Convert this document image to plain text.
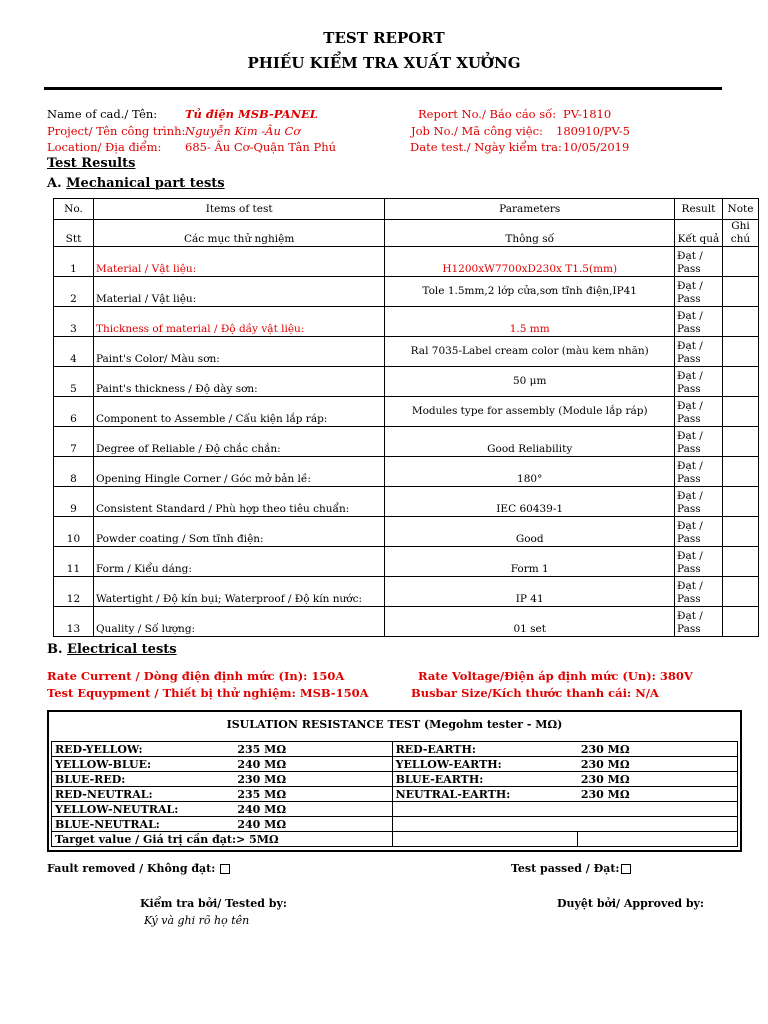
TEST REPORT
PHIẾU KIỂM TRA XUẤT XƯỞNG
Name of cad./ Tên: Tủ điện MSB-PANEL
Project/ Tên công trình: Nguyễn Kim -Âu Cơ
Location/ Địa điểm: 685- Âu Cơ-Quận Tân Phú
Report No./ Báo cáo số: PV-1810
Job No./ Mã công việc: 180910/PV-5
Date test./ Ngày kiểm tra: 10/05/2019
Test Results
A. Mechanical part tests
No.	Items of test	Parameters	Result	Note
Stt	Các mục thử nghiệm	Thông số	Kết quả	Ghi chú
1	Material / Vật liệu:	H1200xW7700xD230x T1.5(mm)	Đạt / Pass	
2	Material / Vật liệu:	Tole 1.5mm,2 lớp cửa,sơn tĩnh điện,IP41	Đạt / Pass	
3	Thickness of material / Độ dầy vật liệu:	1.5 mm	Đạt / Pass	
4	Paint's Color/ Màu sơn:	Ral 7035-Label cream color (màu kem nhăn)	Đạt / Pass	
5	Paint's thickness / Độ dày sơn:	50 μm	Đạt / Pass	
6	Component to Assemble / Cấu kiện lắp ráp:	Modules type for assembly (Module lắp ráp)	Đạt / Pass	
7	Degree of Reliable / Độ chắc chắn:	Good Reliability	Đạt / Pass	
8	Opening Hingle Corner / Góc mở bản lề:	180°	Đạt / Pass	
9	Consistent Standard / Phù hợp theo tiêu chuẩn:	IEC 60439-1	Đạt / Pass	
10	Powder coating / Sơn tĩnh điện:	Good	Đạt / Pass	
11	Form / Kiểu dáng:	Form 1	Đạt / Pass	
12	Watertight / Độ kín bụi; Waterproof / Độ kín nước:	IP 41	Đạt / Pass	
13	Quality / Số lượng:	01 set	Đạt / Pass	
B. Electrical tests
Rate Current / Dòng điện định mức (In): 150A	Rate Voltage/Điện áp định mức (Un): 380V
Test Equypment / Thiết bị thử nghiệm: MSB-150A	Busbar Size/Kích thước thanh cái: N/A
ISULATION RESISTANCE TEST (Megohm tester - MΩ)
RED-YELLOW:	235 MΩ	RED-EARTH:	230 MΩ
YELLOW-BLUE:	240 MΩ	YELLOW-EARTH:	230 MΩ
BLUE-RED:	230 MΩ	BLUE-EARTH:	230 MΩ
RED-NEUTRAL:	235 MΩ	NEUTRAL-EARTH:	230 MΩ
YELLOW-NEUTRAL:	240 MΩ		
BLUE-NEUTRAL:	240 MΩ		
Target value / Giá trị cần đạt:> 5MΩ			
Fault removed / Không đạt:	Test passed / Đạt:
Kiểm tra bởi/ Tested by:
Ký và ghi rõ họ tên
Duyệt bởi/ Approved by:
